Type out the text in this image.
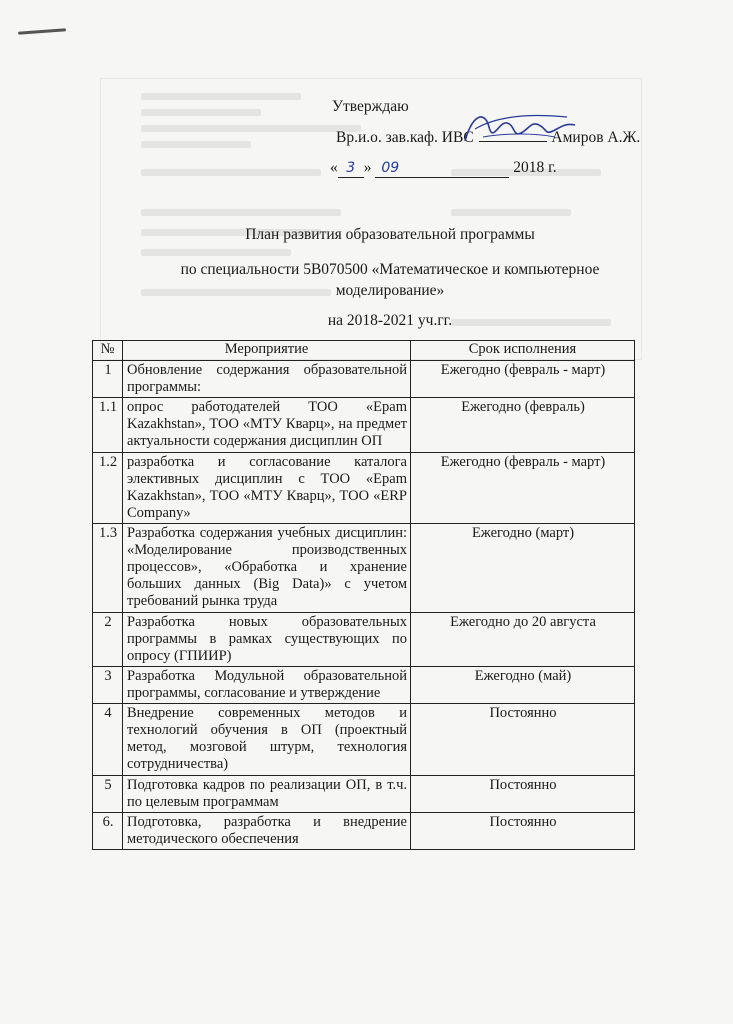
Утверждаю
Вр.и.о. зав.каф. ИВС	Амиров А.Ж.
« 3 » 09	2018 г.
План развития образовательной программы
по специальности 5В070500 «Математическое и компьютерное
моделирование»
на 2018-2021 уч.гг.
№	Мероприятие	Срок исполнения
1	Обновление содержания образовательной программы:	Ежегодно (февраль - март)
1.1	опрос работодателей ТОО «Epam Kazakhstan», ТОО «МТУ Кварц», на предмет актуальности содержания дисциплин ОП	Ежегодно (февраль)
1.2	разработка и согласование каталога элективных дисциплин с ТОО «Epam Kazakhstan», ТОО «МТУ Кварц», ТОО «ERP Company»	Ежегодно (февраль - март)
1.3	Разработка содержания учебных дисциплин: «Моделирование производственных процессов», «Обработка и хранение больших данных (Big Data)» с учетом требований рынка труда	Ежегодно (март)
2	Разработка новых образовательных программы в рамках существующих по опросу (ГПИИР)	Ежегодно до 20 августа
3	Разработка Модульной образовательной программы, согласование и утверждение	Ежегодно (май)
4	Внедрение современных методов и технологий обучения в ОП (проектный метод, мозговой штурм, технология сотрудничества)	Постоянно
5	Подготовка кадров по реализации ОП, в т.ч. по целевым программам	Постоянно
6.	Подготовка, разработка и внедрение методического обеспечения	Постоянно
